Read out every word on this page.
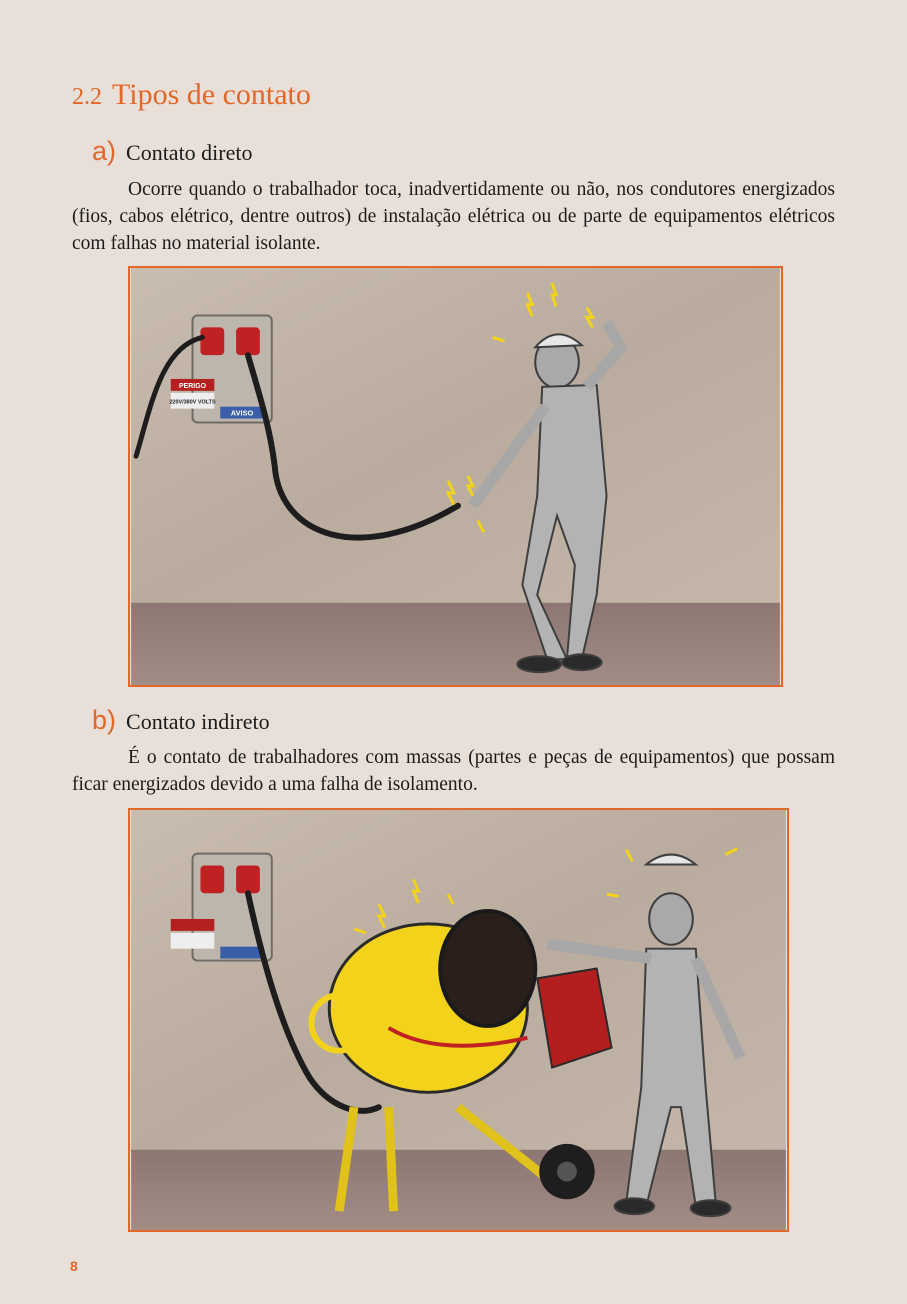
2.2 Tipos de contato
a) Contato direto
Ocorre quando o trabalhador toca, inadvertidamente ou não, nos condutores energizados (fios, cabos elétrico, dentre outros) de instalação elétrica ou de parte de equipamentos elétricos com falhas no material isolante.
PERIGO
220V/380V VOLTS
AVISO
b) Contato indireto
É o contato de trabalhadores com massas (partes e peças de equipamentos) que possam ficar energizados devido a uma falha de isolamento.
8
